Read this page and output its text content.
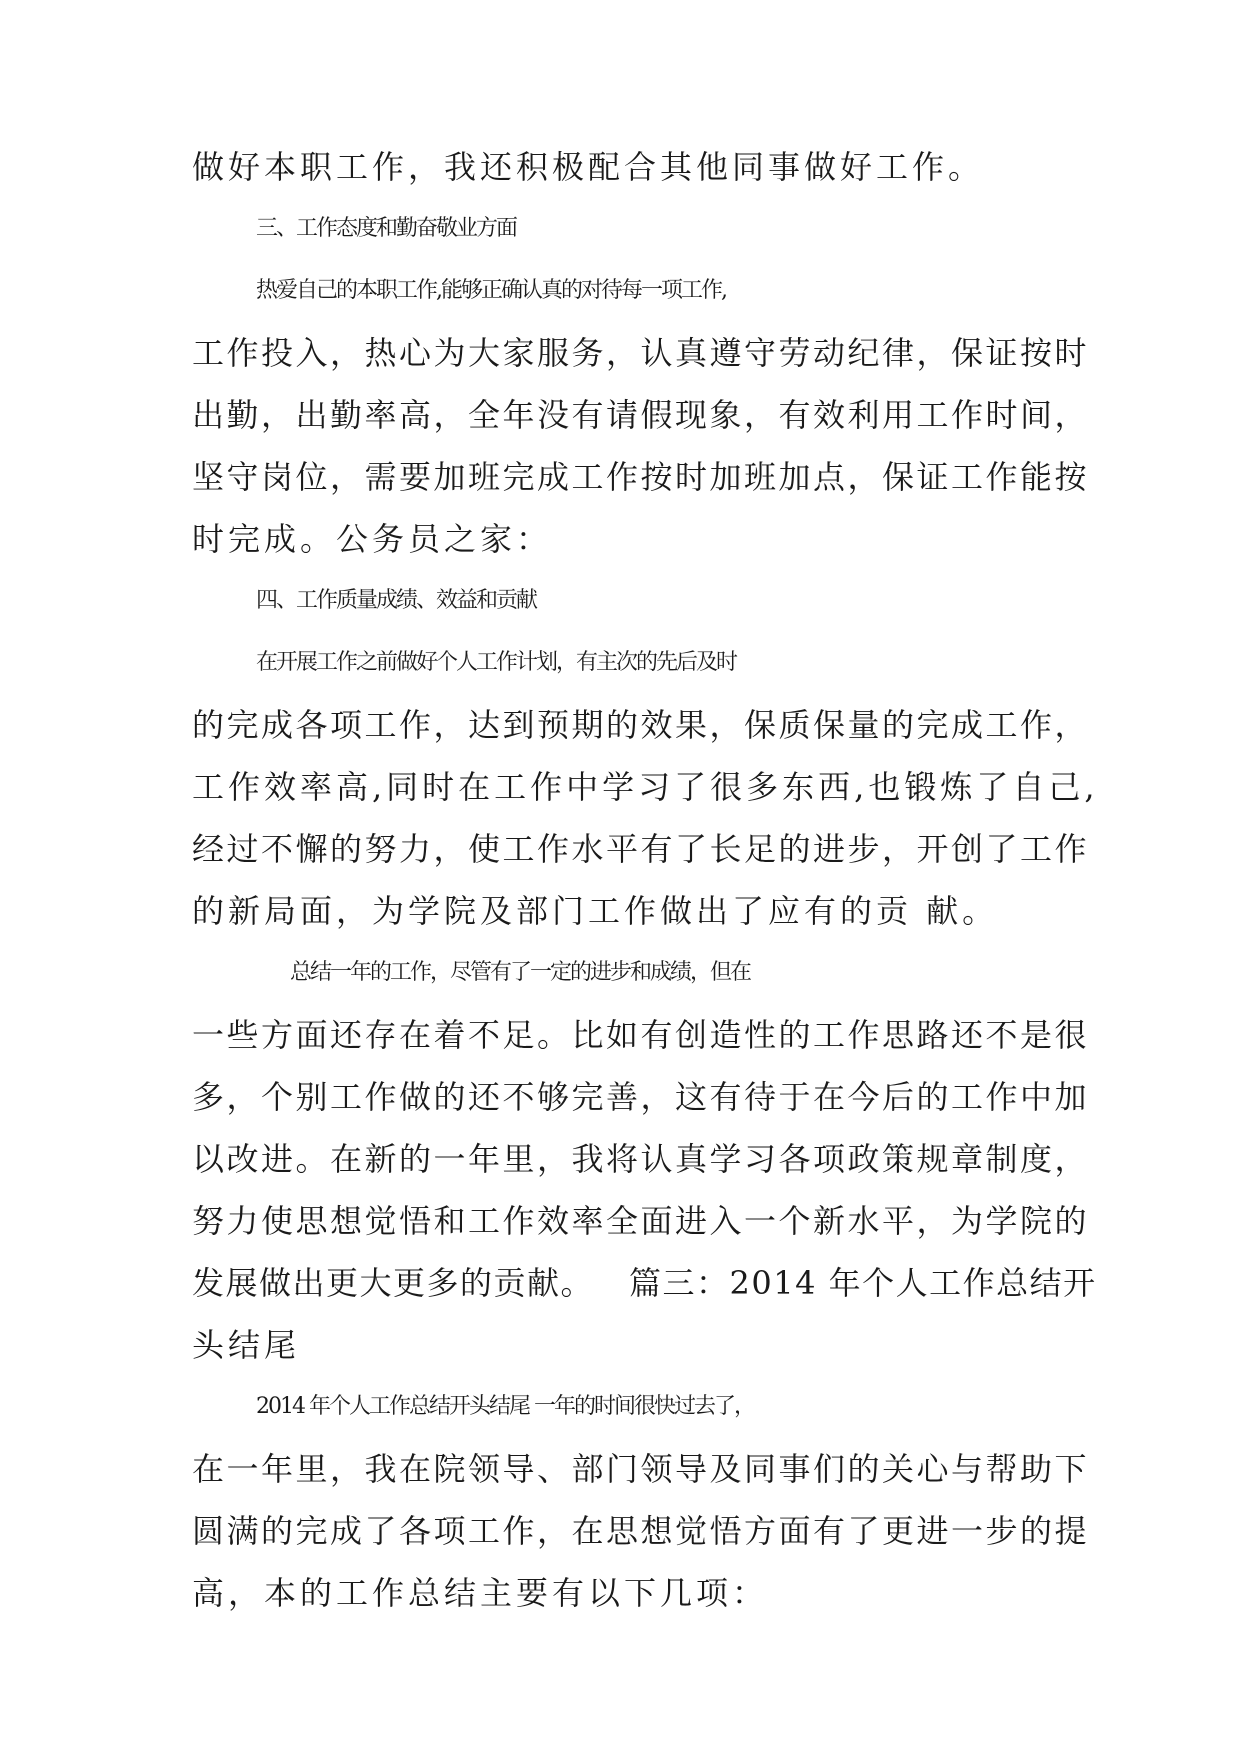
做好本职工作，我还积极配合其他同事做好工作。
三、工作态度和勤奋敬业方面
热爱自己的本职工作,能够正确认真的对待每一项工作,
工作投入，热心为大家服务，认真遵守劳动纪律，保证按时
出勤，出勤率高，全年没有请假现象，有效利用工作时间，
坚守岗位，需要加班完成工作按时加班加点，保证工作能按
时完成。公务员之家：
四、工作质量成绩、效益和贡献
在开展工作之前做好个人工作计划，有主次的先后及时
的完成各项工作，达到预期的效果，保质保量的完成工作，
工作效率高,同时在工作中学习了很多东西,也锻炼了自己,
经过不懈的努力，使工作水平有了长足的进步，开创了工作
的新局面，为学院及部门工作做出了应有的贡 献。
总结一年的工作，尽管有了一定的进步和成绩，但在
一些方面还存在着不足。比如有创造性的工作思路还不是很
多，个别工作做的还不够完善，这有待于在今后的工作中加
以改进。在新的一年里，我将认真学习各项政策规章制度，
努力使思想觉悟和工作效率全面进入一个新水平，为学院的
发展做出更大更多的贡献。   篇三：2014 年个人工作总结开
头结尾
2014 年个人工作总结开头结尾 一年的时间很快过去了，
在一年里，我在院领导、部门领导及同事们的关心与帮助下
圆满的完成了各项工作，在思想觉悟方面有了更进一步的提
高，本的工作总结主要有以下几项：
